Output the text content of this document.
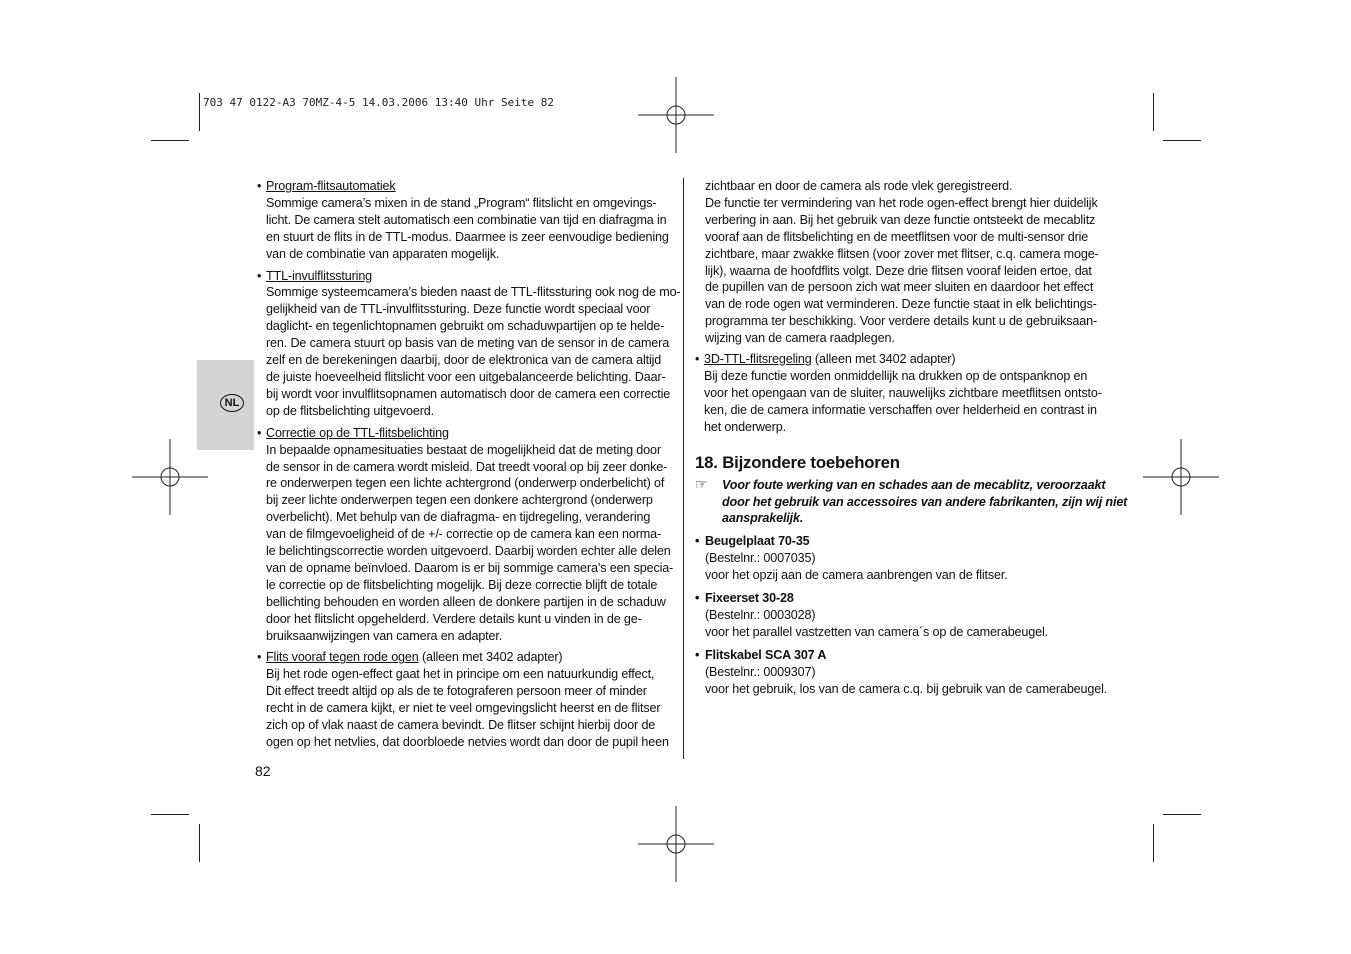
703 47 0122-A3 70MZ-4-5 14.03.2006 13:40 Uhr Seite 82
NL
• Program-flitsautomatiek
Sommige camera’s mixen in de stand „Program“ flitslicht en omgevings-
licht. De camera stelt automatisch een combinatie van tijd en diafragma in
en stuurt de flits in de TTL-modus. Daarmee is zeer eenvoudige bediening
van de combinatie van apparaten mogelijk.
• TTL-invulflitssturing
Sommige systeemcamera’s bieden naast de TTL-flitssturing ook nog de mo-
gelijkheid van de TTL-invulflitssturing. Deze functie wordt speciaal voor
daglicht- en tegenlichtopnamen gebruikt om schaduwpartijen op te helde-
ren. De camera stuurt op basis van de meting van de sensor in de camera
zelf en de berekeningen daarbij, door de elektronica van de camera altijd
de juiste hoeveelheid flitslicht voor een uitgebalanceerde belichting. Daar-
bij wordt voor invulflitsopnamen automatisch door de camera een correctie
op de flitsbelichting uitgevoerd.
• Correctie op de TTL-flitsbelichting
In bepaalde opnamesituaties bestaat de mogelijkheid dat de meting door
de sensor in de camera wordt misleid. Dat treedt vooral op bij zeer donke-
re onderwerpen tegen een lichte achtergrond (onderwerp onderbelicht) of
bij zeer lichte onderwerpen tegen een donkere achtergrond (onderwerp
overbelicht). Met behulp van de diafragma- en tijdregeling, verandering
van de filmgevoeligheid of de +/- correctie op de camera kan een norma-
le belichtingscorrectie worden uitgevoerd. Daarbij worden echter alle delen
van de opname beïnvloed. Daarom is er bij sommige camera’s een specia-
le correctie op de flitsbelichting mogelijk. Bij deze correctie blijft de totale
bellichting behouden en worden alleen de donkere partijen in de schaduw
door het flitslicht opgehelderd. Verdere details kunt u vinden in de ge-
bruiksaanwijzingen van camera en adapter.
• Flits vooraf tegen rode ogen (alleen met 3402 adapter)
Bij het rode ogen-effect gaat het in principe om een natuurkundig effect,
Dit effect treedt altijd op als de te fotograferen persoon meer of minder
recht in de camera kijkt, er niet te veel omgevingslicht heerst en de flitser
zich op of vlak naast de camera bevindt. De flitser schijnt hierbij door de
ogen op het netvlies, dat doorbloede netvies wordt dan door de pupil heen
zichtbaar en door de camera als rode vlek geregistreerd.
De functie ter vermindering van het rode ogen-effect brengt hier duidelijk
verbering in aan. Bij het gebruik van deze functie ontsteekt de mecablitz
vooraf aan de flitsbelichting en de meetflitsen voor de multi-sensor drie
zichtbare, maar zwakke flitsen (voor zover met flitser, c.q. camera moge-
lijk), waarna de hoofdflits volgt. Deze drie flitsen vooraf leiden ertoe, dat
de pupillen van de persoon zich wat meer sluiten en daardoor het effect
van de rode ogen wat verminderen. Deze functie staat in elk belichtings-
programma ter beschikking. Voor verdere details kunt u de gebruiksaan-
wijzing van de camera raadplegen.
• 3D-TTL-flitsregeling (alleen met 3402 adapter)
Bij deze functie worden onmiddellijk na drukken op de ontspanknop en
voor het opengaan van de sluiter, nauwelijks zichtbare meetflitsen ontsto-
ken, die de camera informatie verschaffen over helderheid en contrast in
het onderwerp.
18. Bijzondere toebehoren
☞ Voor foute werking van en schades aan de mecablitz, veroorzaakt
door het gebruik van accessoires van andere fabrikanten, zijn wij niet
aansprakelijk.
• Beugelplaat 70-35
(Bestelnr.: 0007035)
voor het opzij aan de camera aanbrengen van de flitser.
• Fixeerset 30-28
(Bestelnr.: 0003028)
voor het parallel vastzetten van camera´s op de camerabeugel.
• Flitskabel SCA 307 A
(Bestelnr.: 0009307)
voor het gebruik, los van de camera c.q. bij gebruik van de camerabeugel.
82
